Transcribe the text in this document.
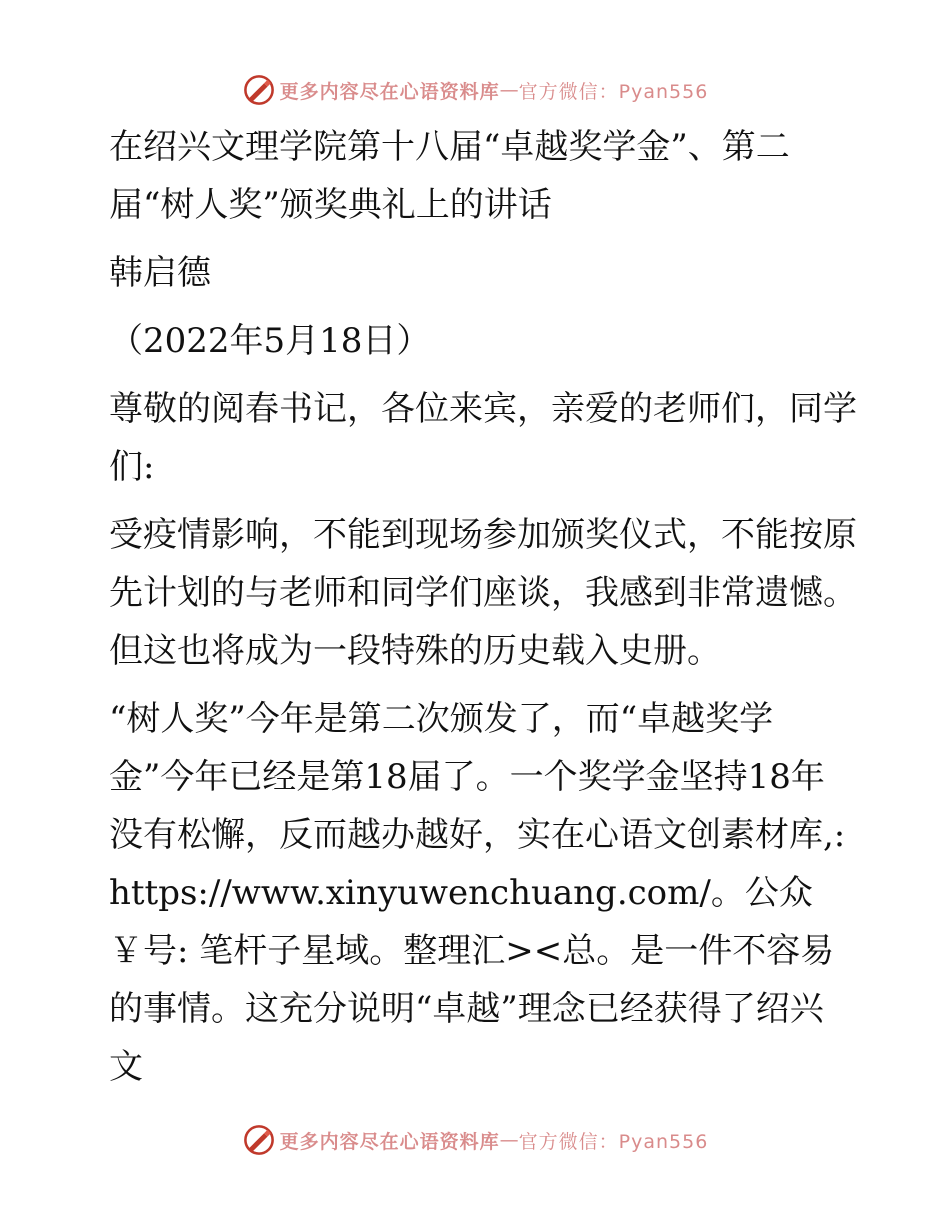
更多内容尽在心语资料库 — 官方微信：Pyan556

在绍兴文理学院第十八届“卓越奖学金”、第二届“树人奖”颁奖典礼上的讲话

韩启德

（2022年5月18日）

尊敬的阅春书记，各位来宾，亲爱的老师们，同学们:

受疫情影响，不能到现场参加颁奖仪式，不能按原先计划的与老师和同学们座谈，我感到非常遗憾。但这也将成为一段特殊的历史载入史册。

“树人奖”今年是第二次颁发了，而“卓越奖学金”今年已经是第18届了。一个奖学金坚持18年没有松懈，反而越办越好，实在心语文创素材库,: https://www.xinyuwenchuang.com/。公众￥号: 笔杆子星域。整理汇><总。是一件不容易的事情。这充分说明“卓越”理念已经获得了绍兴文

更多内容尽在心语资料库 — 官方微信：Pyan556
